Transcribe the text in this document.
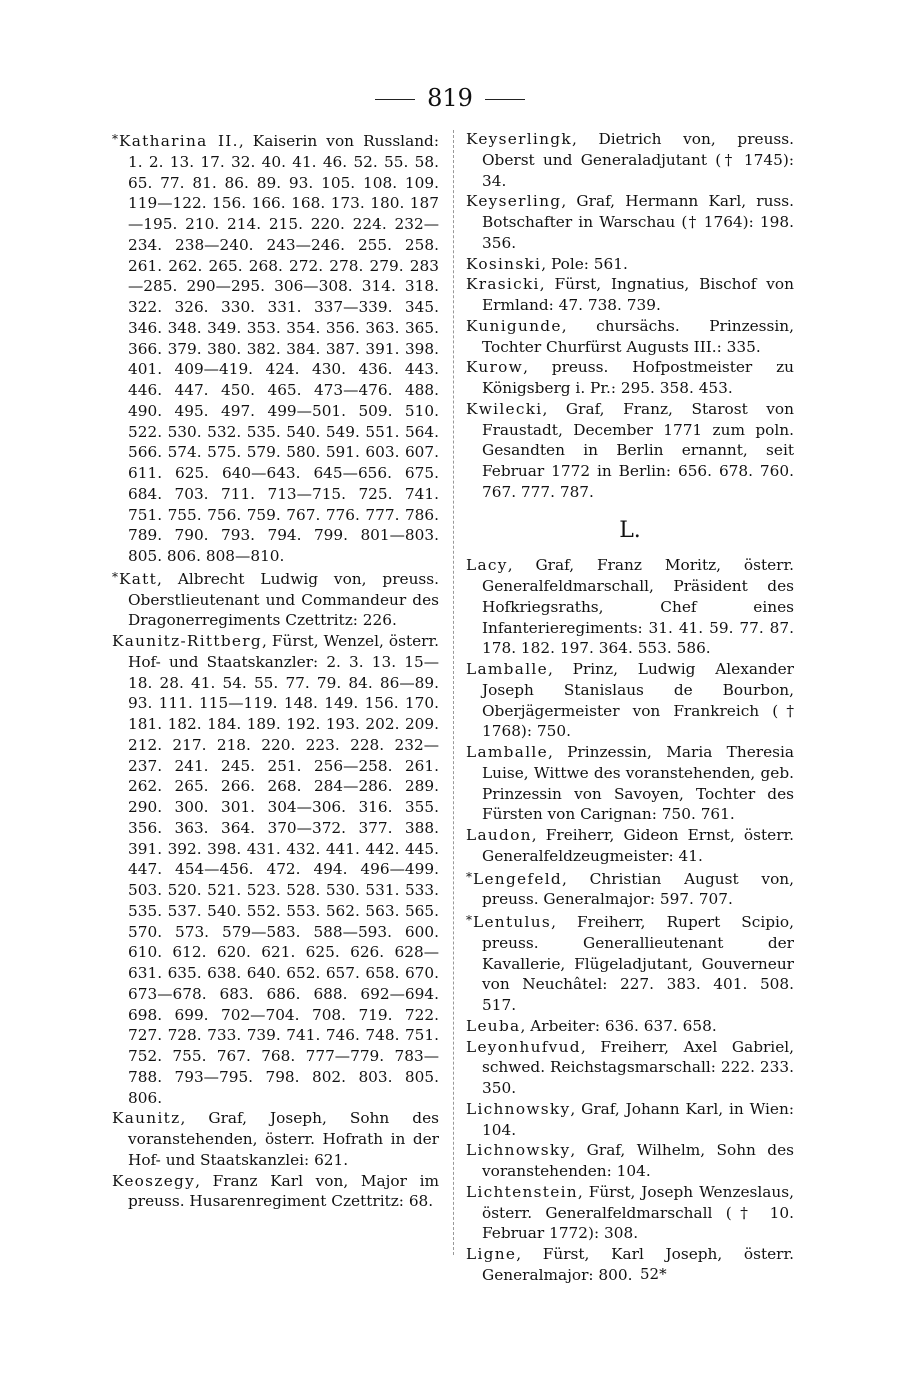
819

*Katharina II., Kaiserin von Russland: 1. 2. 13. 17. 32. 40. 41. 46. 52. 55. 58. 65. 77. 81. 86. 89. 93. 105. 108. 109. 119—122. 156. 166. 168. 173. 180. 187—195. 210. 214. 215. 220. 224. 232—234. 238—240. 243—246. 255. 258. 261. 262. 265. 268. 272. 278. 279. 283—285. 290—295. 306—308. 314. 318. 322. 326. 330. 331. 337—339. 345. 346. 348. 349. 353. 354. 356. 363. 365. 366. 379. 380. 382. 384. 387. 391. 398. 401. 409—419. 424. 430. 436. 443. 446. 447. 450. 465. 473—476. 488. 490. 495. 497. 499—501. 509. 510. 522. 530. 532. 535. 540. 549. 551. 564. 566. 574. 575. 579. 580. 591. 603. 607. 611. 625. 640—643. 645—656. 675. 684. 703. 711. 713—715. 725. 741. 751. 755. 756. 759. 767. 776. 777. 786. 789. 790. 793. 794. 799. 801—803. 805. 806. 808—810.

*Katt, Albrecht Ludwig von, preuss. Oberstlieutenant und Commandeur des Dragonerregiments Czettritz: 226.

Kaunitz-Rittberg, Fürst, Wenzel, österr. Hof- und Staatskanzler: 2. 3. 13. 15—18. 28. 41. 54. 55. 77. 79. 84. 86—89. 93. 111. 115—119. 148. 149. 156. 170. 181. 182. 184. 189. 192. 193. 202. 209. 212. 217. 218. 220. 223. 228. 232—237. 241. 245. 251. 256—258. 261. 262. 265. 266. 268. 284—286. 289. 290. 300. 301. 304—306. 316. 355. 356. 363. 364. 370—372. 377. 388. 391. 392. 398. 431. 432. 441. 442. 445. 447. 454—456. 472. 494. 496—499. 503. 520. 521. 523. 528. 530. 531. 533. 535. 537. 540. 552. 553. 562. 563. 565. 570. 573. 579—583. 588—593. 600. 610. 612. 620. 621. 625. 626. 628—631. 635. 638. 640. 652. 657. 658. 670. 673—678. 683. 686. 688. 692—694. 698. 699. 702—704. 708. 719. 722. 727. 728. 733. 739. 741. 746. 748. 751. 752. 755. 767. 768. 777—779. 783—788. 793—795. 798. 802. 803. 805. 806.

Kaunitz, Graf, Joseph, Sohn des voranstehenden, österr. Hofrath in der Hof- und Staatskanzlei: 621.

Keoszegy, Franz Karl von, Major im preuss. Husarenregiment Czettritz: 68.

Keyserlingk, Dietrich von, preuss. Oberst und Generaladjutant († 1745): 34.

Keyserling, Graf, Hermann Karl, russ. Botschafter in Warschau († 1764): 198. 356.

Kosinski, Pole: 561.

Krasicki, Fürst, Ingnatius, Bischof von Ermland: 47. 738. 739.

Kunigunde, chursächs. Prinzessin, Tochter Churfürst Augusts III.: 335.

Kurow, preuss. Hofpostmeister zu Königsberg i. Pr.: 295. 358. 453.

Kwilecki, Graf, Franz, Starost von Fraustadt, December 1771 zum poln. Gesandten in Berlin ernannt, seit Februar 1772 in Berlin: 656. 678. 760. 767. 777. 787.

L.

Lacy, Graf, Franz Moritz, österr. Generalfeldmarschall, Präsident des Hofkriegsraths, Chef eines Infanterieregiments: 31. 41. 59. 77. 87. 178. 182. 197. 364. 553. 586.

Lamballe, Prinz, Ludwig Alexander Joseph Stanislaus de Bourbon, Oberjägermeister von Frankreich († 1768): 750.

Lamballe, Prinzessin, Maria Theresia Luise, Wittwe des voranstehenden, geb. Prinzessin von Savoyen, Tochter des Fürsten von Carignan: 750. 761.

Laudon, Freiherr, Gideon Ernst, österr. Generalfeldzeugmeister: 41.

*Lengefeld, Christian August von, preuss. Generalmajor: 597. 707.

*Lentulus, Freiherr, Rupert Scipio, preuss. Generallieutenant der Kavallerie, Flügeladjutant, Gouverneur von Neuchâtel: 227. 383. 401. 508. 517.

Leuba, Arbeiter: 636. 637. 658.

Leyonhufvud, Freiherr, Axel Gabriel, schwed. Reichstagsmarschall: 222. 233. 350.

Lichnowsky, Graf, Johann Karl, in Wien: 104.

Lichnowsky, Graf, Wilhelm, Sohn des voranstehenden: 104.

Lichtenstein, Fürst, Joseph Wenzeslaus, österr. Generalfeldmarschall († 10. Februar 1772): 308.

Ligne, Fürst, Karl Joseph, österr. Generalmajor: 800. 52*
